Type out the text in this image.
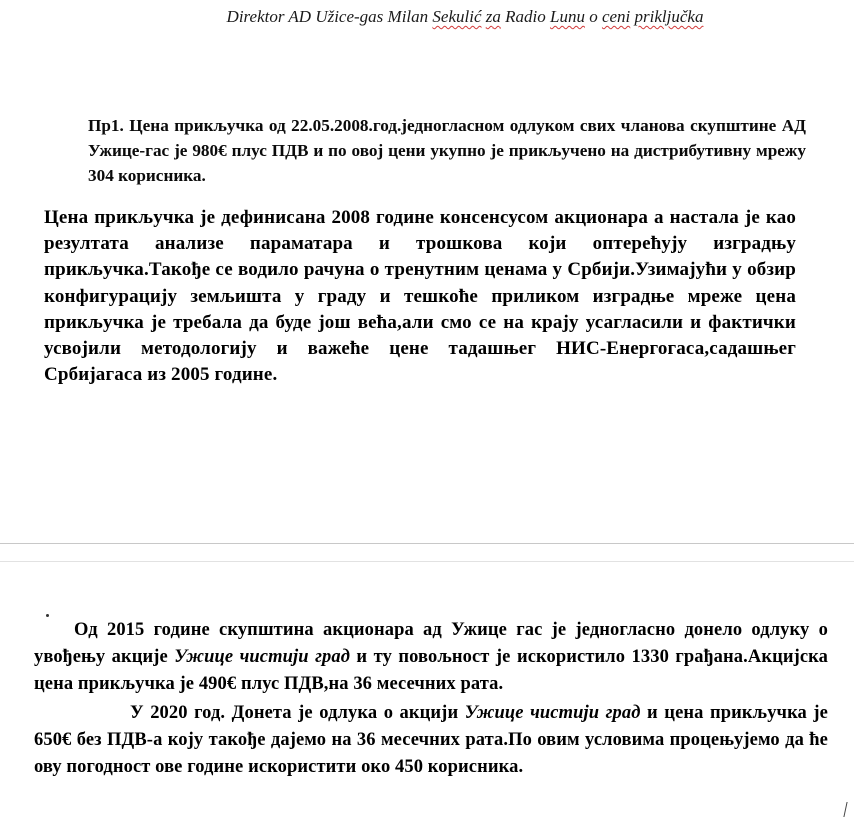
Direktor AD Užice-gas Milan Sekulić za Radio Lunu o ceni priključka

Пр1. Цена прикључка од 22.05.2008.год.једногласном одлуком свих чланова скупштине АД Ужице-гас је 980€ плус ПДВ и по овој цени укупно је прикључено на дистрибутивну мрежу 304 корисника.

Цена прикључка је дефинисана 2008 године консенсусом акционара а настала је као резултата анализе параматара и трошкова који оптерећују изградњу прикључка.Такође се водило рачуна о тренутним ценама у Србији.Узимајући у обзир конфигурацију земљишта у граду и тешкоће приликом изградње мреже цена прикључка је требала да буде још већа,али смо се на крају усагласили и фактички усвојили методологију и важеће цене тадашњег НИС-Енергогаса,садашњег Србијагаса из 2005 године.

Од 2015 године скупштина акционара ад Ужице гас је једногласно донело одлуку о увођењу акције Ужице чистији град и ту повољност је искористило 1330 грађана.Акцијска цена прикључка је 490€ плус ПДВ,на 36 месечних рата.

У 2020 год. Донета је одлука о акцији Ужице чистији град и цена прикључка је 650€ без ПДВ-а коју такође дајемо на 36 месечних рата.По овим условима процењујемо да ће ову погодност ове године искористити око 450 корисника.
